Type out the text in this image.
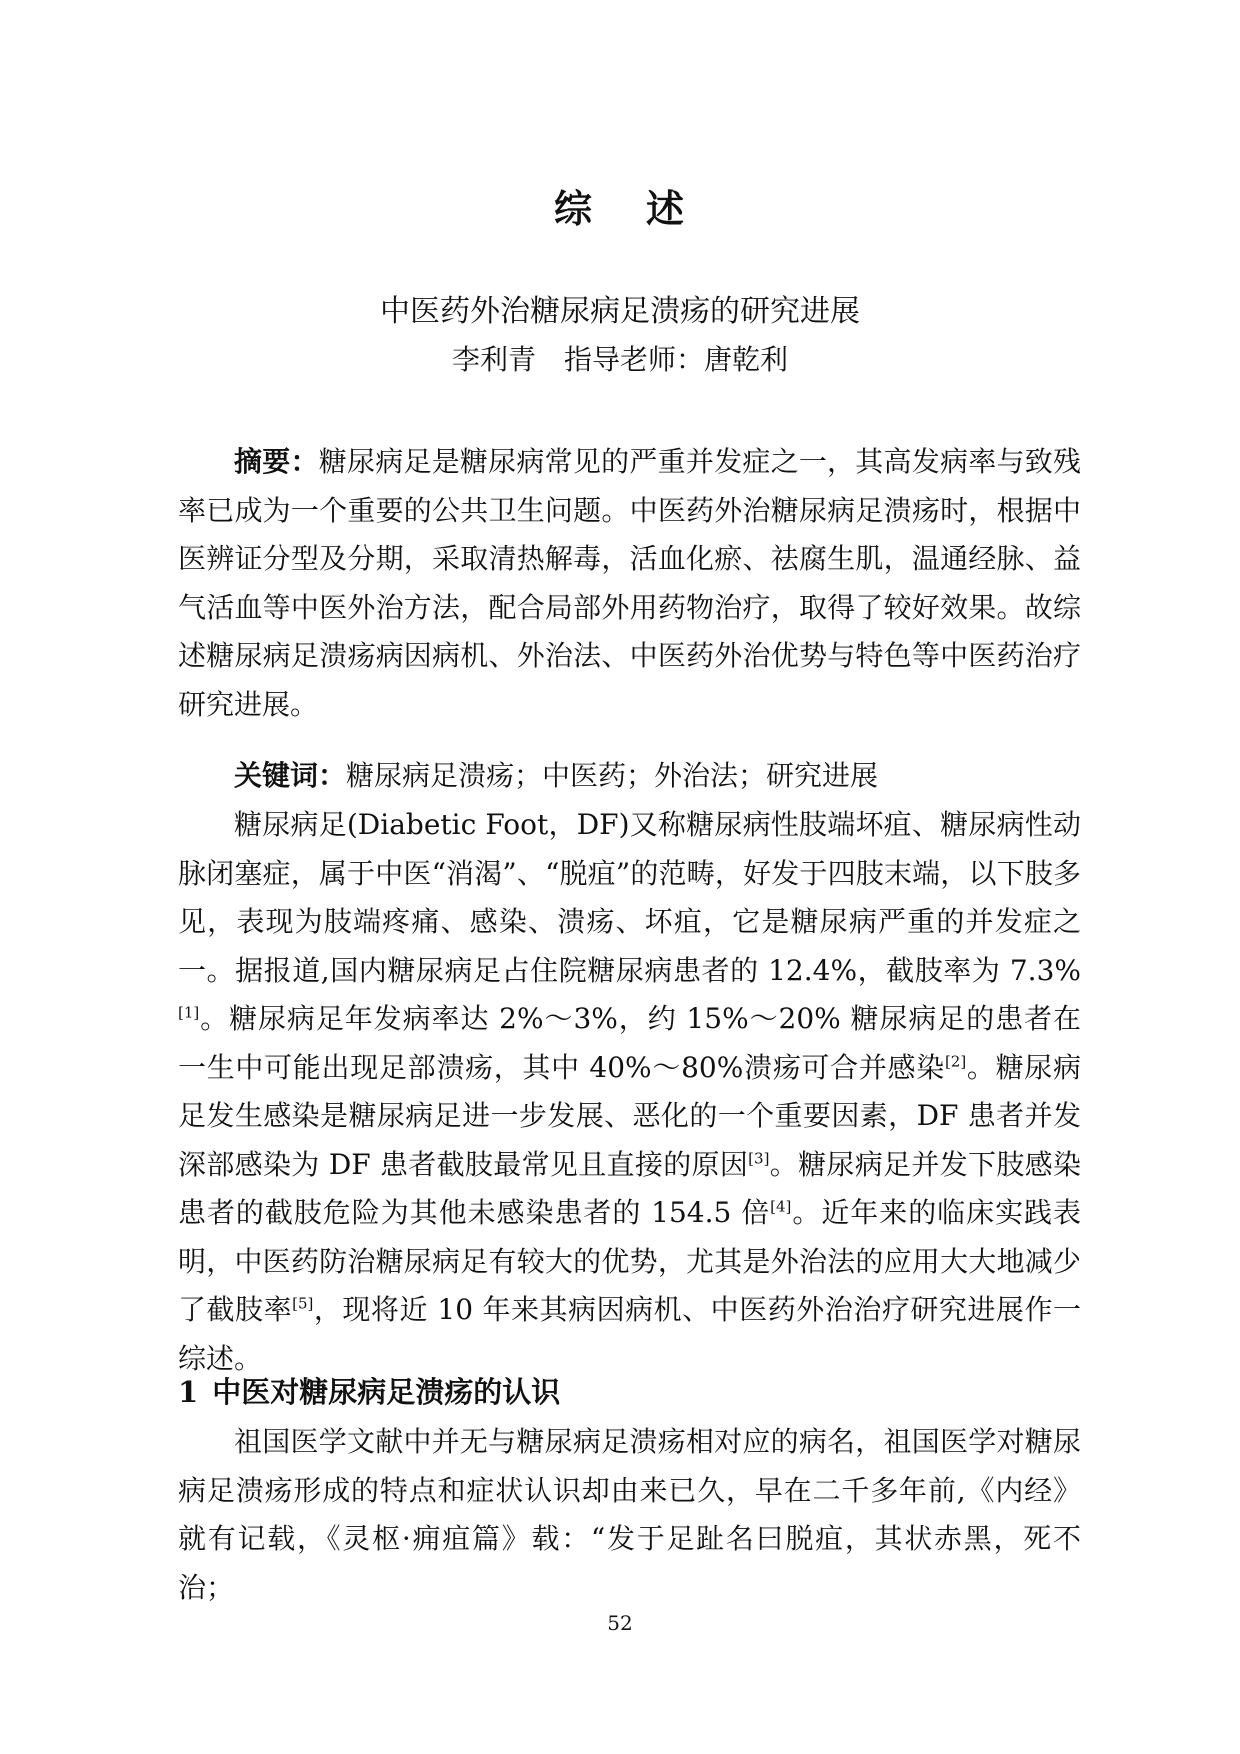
综 述
中医药外治糖尿病足溃疡的研究进展
李利青 指导老师：唐乾利

摘要：糖尿病足是糖尿病常见的严重并发症之一，其高发病率与致残率已成为一个重要的公共卫生问题。中医药外治糖尿病足溃疡时，根据中医辨证分型及分期，采取清热解毒，活血化瘀、祛腐生肌，温通经脉、益气活血等中医外治方法，配合局部外用药物治疗，取得了较好效果。故综述糖尿病足溃疡病因病机、外治法、中医药外治优势与特色等中医药治疗研究进展。

关键词：糖尿病足溃疡；中医药；外治法；研究进展

糖尿病足(Diabetic Foot，DF)又称糖尿病性肢端坏疽、糖尿病性动脉闭塞症，属于中医“消渴”、“脱疽”的范畴，好发于四肢末端，以下肢多见，表现为肢端疼痛、感染、溃疡、坏疽，它是糖尿病严重的并发症之一。据报道,国内糖尿病足占住院糖尿病患者的 12.4%，截肢率为 7.3%[1]。糖尿病足年发病率达 2%～3%，约 15%～20% 糖尿病足的患者在一生中可能出现足部溃疡，其中 40%～80%溃疡可合并感染[2]。糖尿病足发生感染是糖尿病足进一步发展、恶化的一个重要因素，DF 患者并发深部感染为 DF 患者截肢最常见且直接的原因[3]。糖尿病足并发下肢感染患者的截肢危险为其他未感染患者的 154.5 倍[4]。近年来的临床实践表明，中医药防治糖尿病足有较大的优势，尤其是外治法的应用大大地减少了截肢率[5]，现将近 10 年来其病因病机、中医药外治治疗研究进展作一综述。

1 中医对糖尿病足溃疡的认识

祖国医学文献中并无与糖尿病足溃疡相对应的病名，祖国医学对糖尿病足溃疡形成的特点和症状认识却由来已久，早在二千多年前,《内经》就有记载，《灵枢·痈疽篇》载：“发于足趾名曰脱疽，其状赤黑，死不治；

52
